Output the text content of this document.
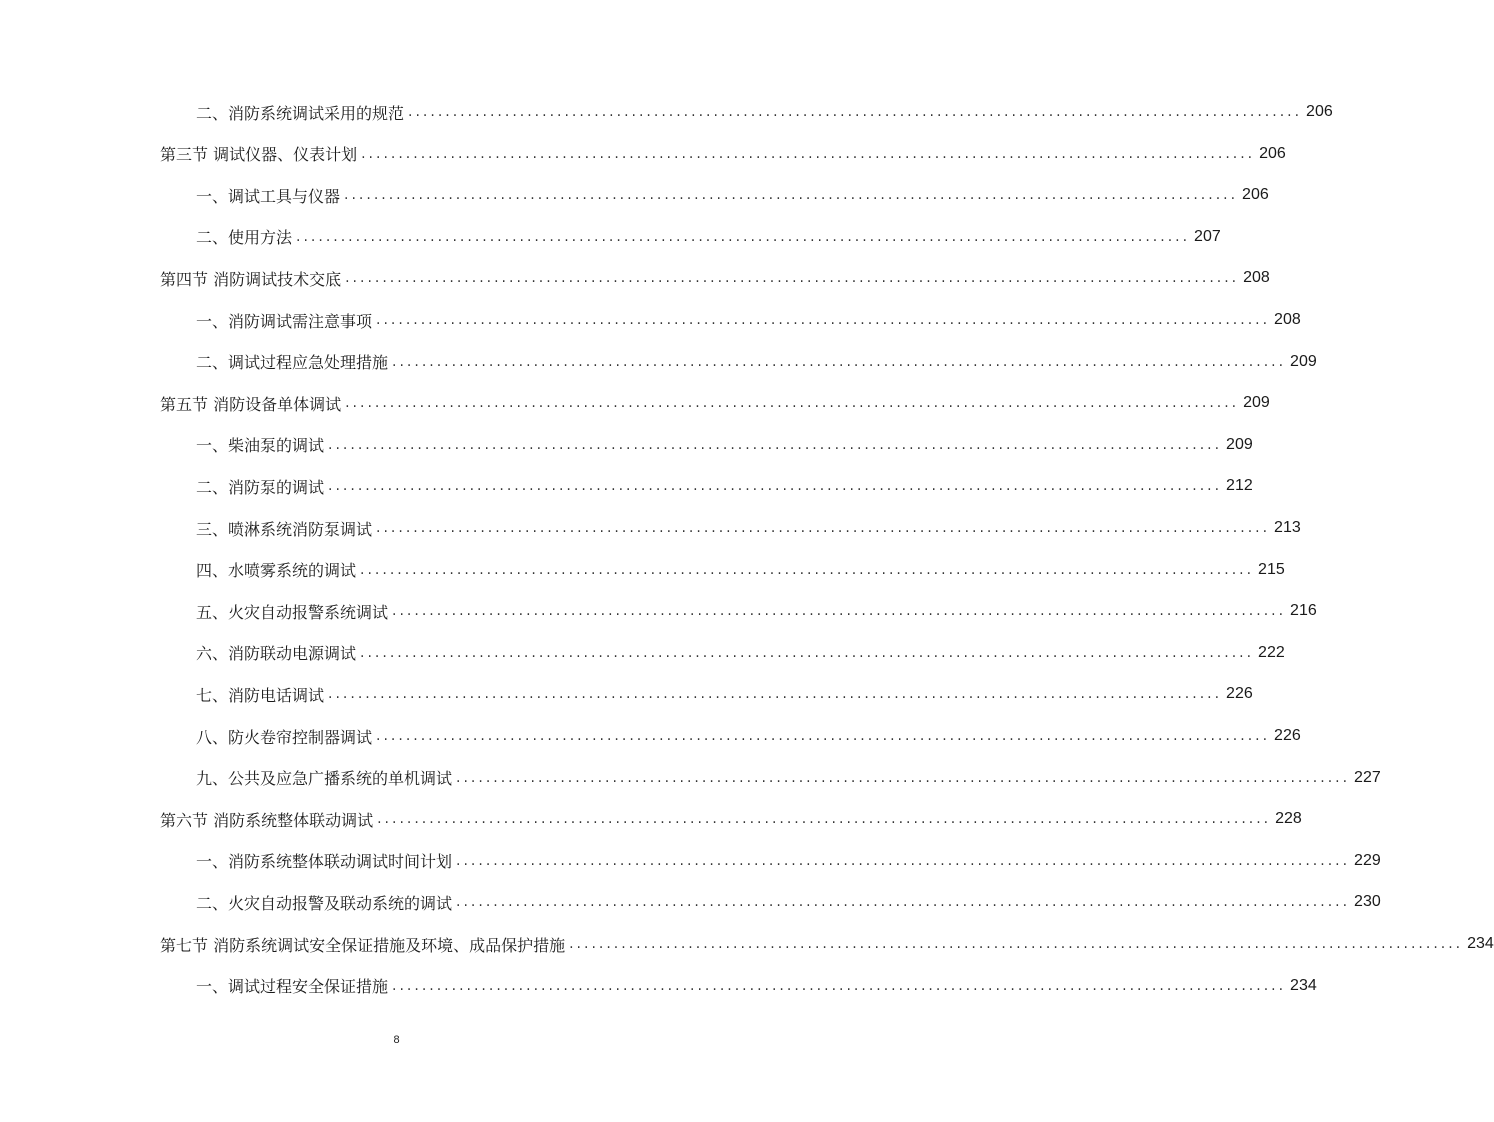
二、消防系统调试采用的规范 ........................................................................................................................ 206
第三节 调试仪器、仪表计划 ........................................................................................................................ 206
一、调试工具与仪器 ........................................................................................................................ 206
二、使用方法 ........................................................................................................................ 207
第四节 消防调试技术交底 ........................................................................................................................ 208
一、消防调试需注意事项 ........................................................................................................................ 208
二、调试过程应急处理措施 ........................................................................................................................ 209
第五节 消防设备单体调试 ........................................................................................................................ 209
一、柴油泵的调试 ........................................................................................................................ 209
二、消防泵的调试 ........................................................................................................................ 212
三、喷淋系统消防泵调试 ........................................................................................................................ 213
四、水喷雾系统的调试 ........................................................................................................................ 215
五、火灾自动报警系统调试 ........................................................................................................................ 216
六、消防联动电源调试 ........................................................................................................................ 222
七、消防电话调试 ........................................................................................................................ 226
八、防火卷帘控制器调试 ........................................................................................................................ 226
九、公共及应急广播系统的单机调试 ........................................................................................................................ 227
第六节 消防系统整体联动调试 ........................................................................................................................ 228
一、消防系统整体联动调试时间计划 ........................................................................................................................ 229
二、火灾自动报警及联动系统的调试 ........................................................................................................................ 230
第七节 消防系统调试安全保证措施及环境、成品保护措施 ........................................................................................................................ 234
一、调试过程安全保证措施 ........................................................................................................................ 234
8
